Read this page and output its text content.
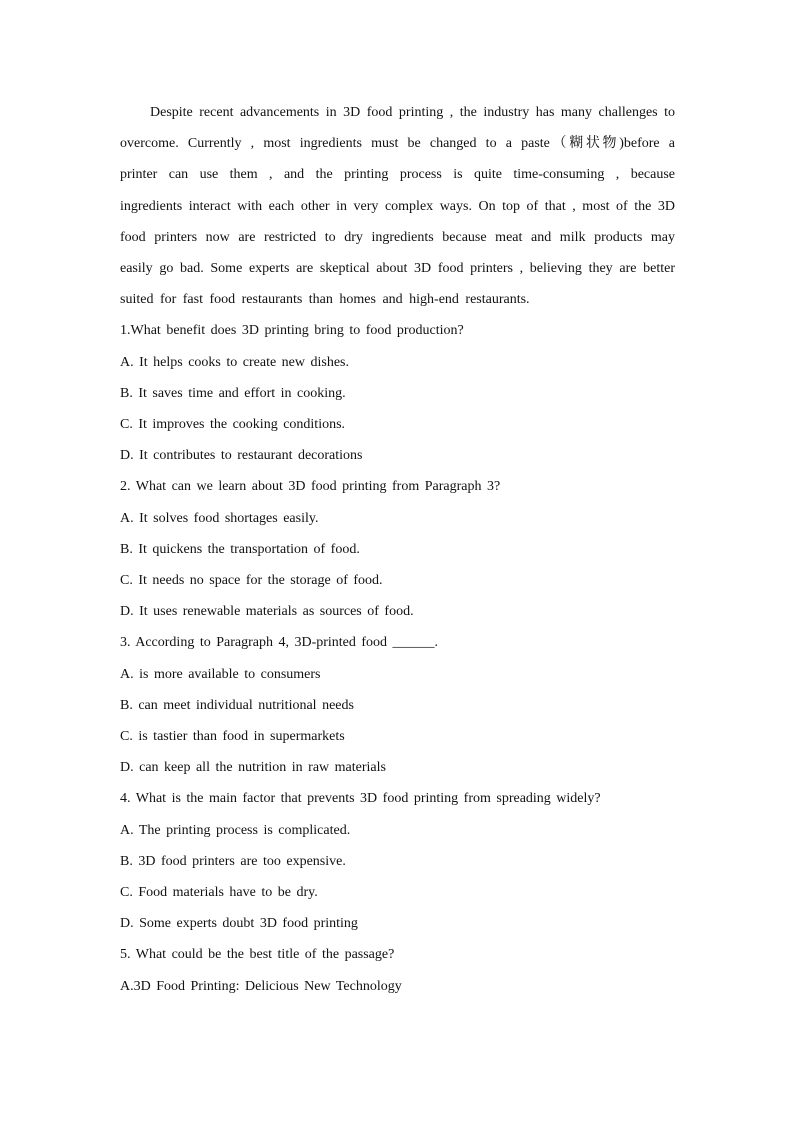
Despite recent advancements in 3D food printing , the industry has many challenges to overcome. Currently , most ingredients must be changed to a paste（糊状物)before a printer can use them , and the printing process is quite time-consuming , because ingredients interact with each other in very complex ways. On top of that , most of the 3D food printers now are restricted to dry ingredients because meat and milk products may easily go bad. Some experts are skeptical about 3D food printers , believing they are better suited for fast food restaurants than homes and high-end restaurants.

1.What benefit does 3D printing bring to food production?

A. It helps cooks to create new dishes.

B. It saves time and effort in cooking.

C. It improves the cooking conditions.

D. It contributes to restaurant decorations

2. What can we learn about 3D food printing from Paragraph 3?

A. It solves food shortages easily.

B. It quickens the transportation of food.

C. It needs no space for the storage of food.

D. It uses renewable materials as sources of food.

3. According to Paragraph 4, 3D-printed food ______.

A. is more available to consumers

B. can meet individual nutritional needs

C. is tastier than food in supermarkets

D. can keep all the nutrition in raw materials

4. What is the main factor that prevents 3D food printing from spreading widely?

A. The printing process is complicated.

B. 3D food printers are too expensive.

C. Food materials have to be dry.

D. Some experts doubt 3D food printing

5. What could be the best title of the passage?

A.3D Food Printing: Delicious New Technology
